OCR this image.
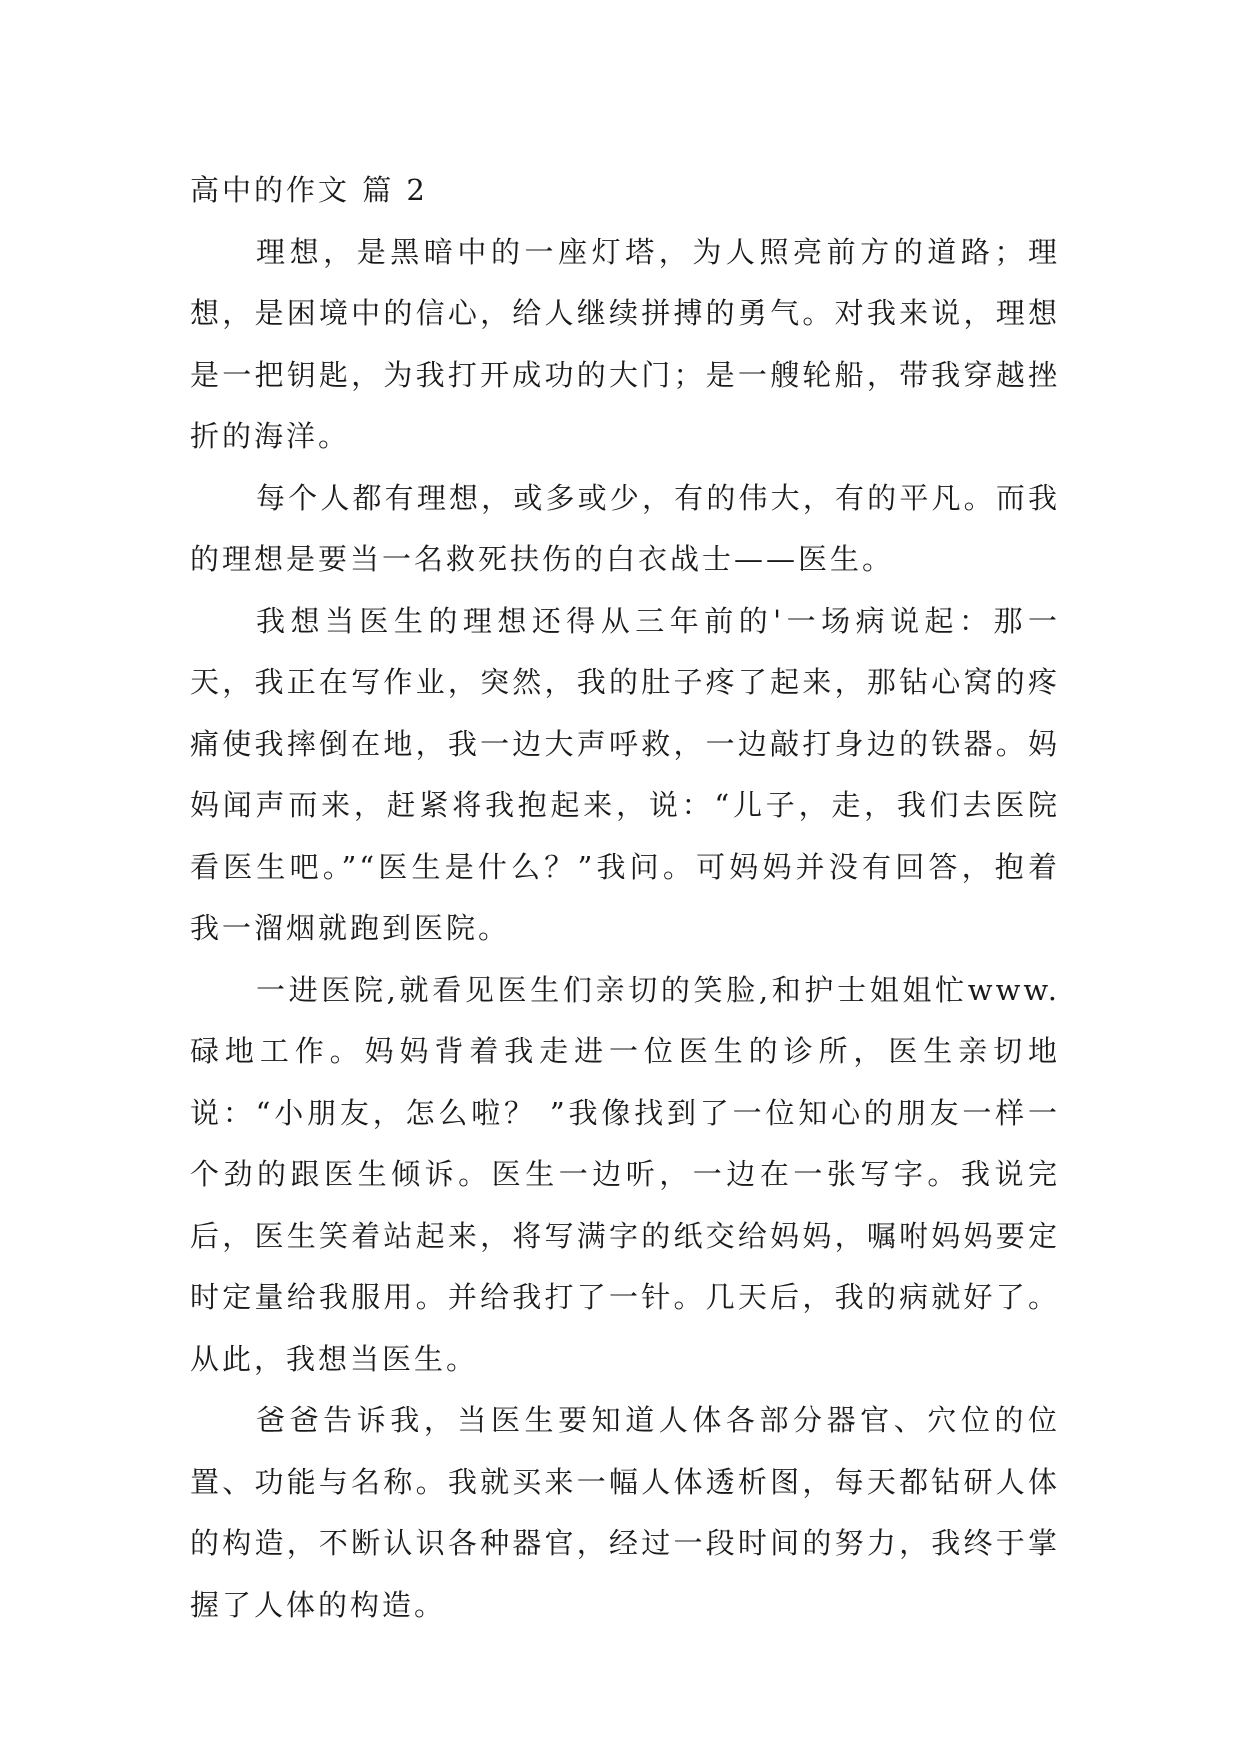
高中的作文 篇 2

理想，是黑暗中的一座灯塔，为人照亮前方的道路；理想，是困境中的信心，给人继续拼搏的勇气。对我来说，理想是一把钥匙，为我打开成功的大门；是一艘轮船，带我穿越挫折的海洋。

每个人都有理想，或多或少，有的伟大，有的平凡。而我的理想是要当一名救死扶伤的白衣战士——医生。

我想当医生的理想还得从三年前的'一场病说起：那一天，我正在写作业，突然，我的肚子疼了起来，那钻心窝的疼痛使我摔倒在地，我一边大声呼救，一边敲打身边的铁器。妈妈闻声而来，赶紧将我抱起来，说：“儿子，走，我们去医院看医生吧。”“医生是什么？”我问。可妈妈并没有回答，抱着我一溜烟就跑到医院。

一进医院,就看见医生们亲切的笑脸,和护士姐姐忙www.碌地工作。妈妈背着我走进一位医生的诊所，医生亲切地说：“小朋友，怎么啦？ ”我像找到了一位知心的朋友一样一个劲的跟医生倾诉。医生一边听，一边在一张写字。我说完后，医生笑着站起来，将写满字的纸交给妈妈，嘱咐妈妈要定时定量给我服用。并给我打了一针。几天后，我的病就好了。从此，我想当医生。

爸爸告诉我，当医生要知道人体各部分器官、穴位的位置、功能与名称。我就买来一幅人体透析图，每天都钻研人体的构造，不断认识各种器官，经过一段时间的努力，我终于掌握了人体的构造。
